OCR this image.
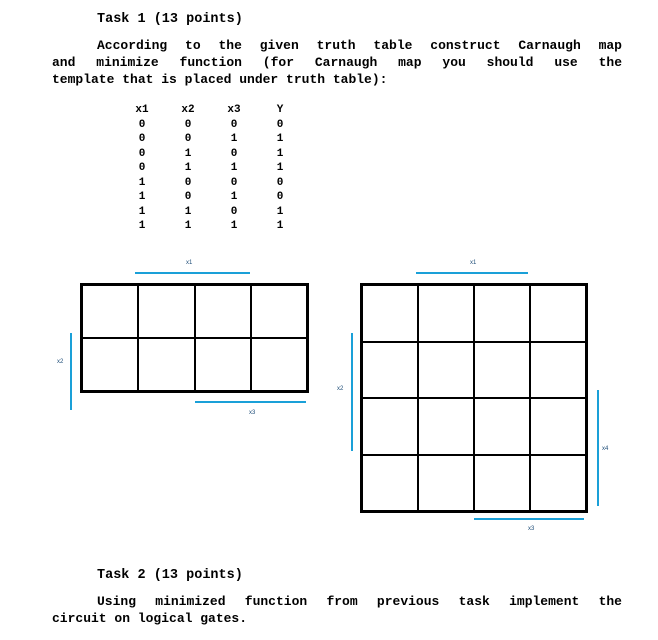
Task 1 (13 points)
According to the given truth table construct Carnaugh map
and minimize function (for Carnaugh map you should use the
template that is placed under truth table):
x1	x2	x3	Y
0	0	0	0
0	0	1	1
0	1	0	1
0	1	1	1
1	0	0	0
1	0	1	0
1	1	0	1
1	1	1	1
x1
x2
x3
x1
x2
x4
x3
Task 2 (13 points)
Using minimized function from previous task implement the
circuit on logical gates.
